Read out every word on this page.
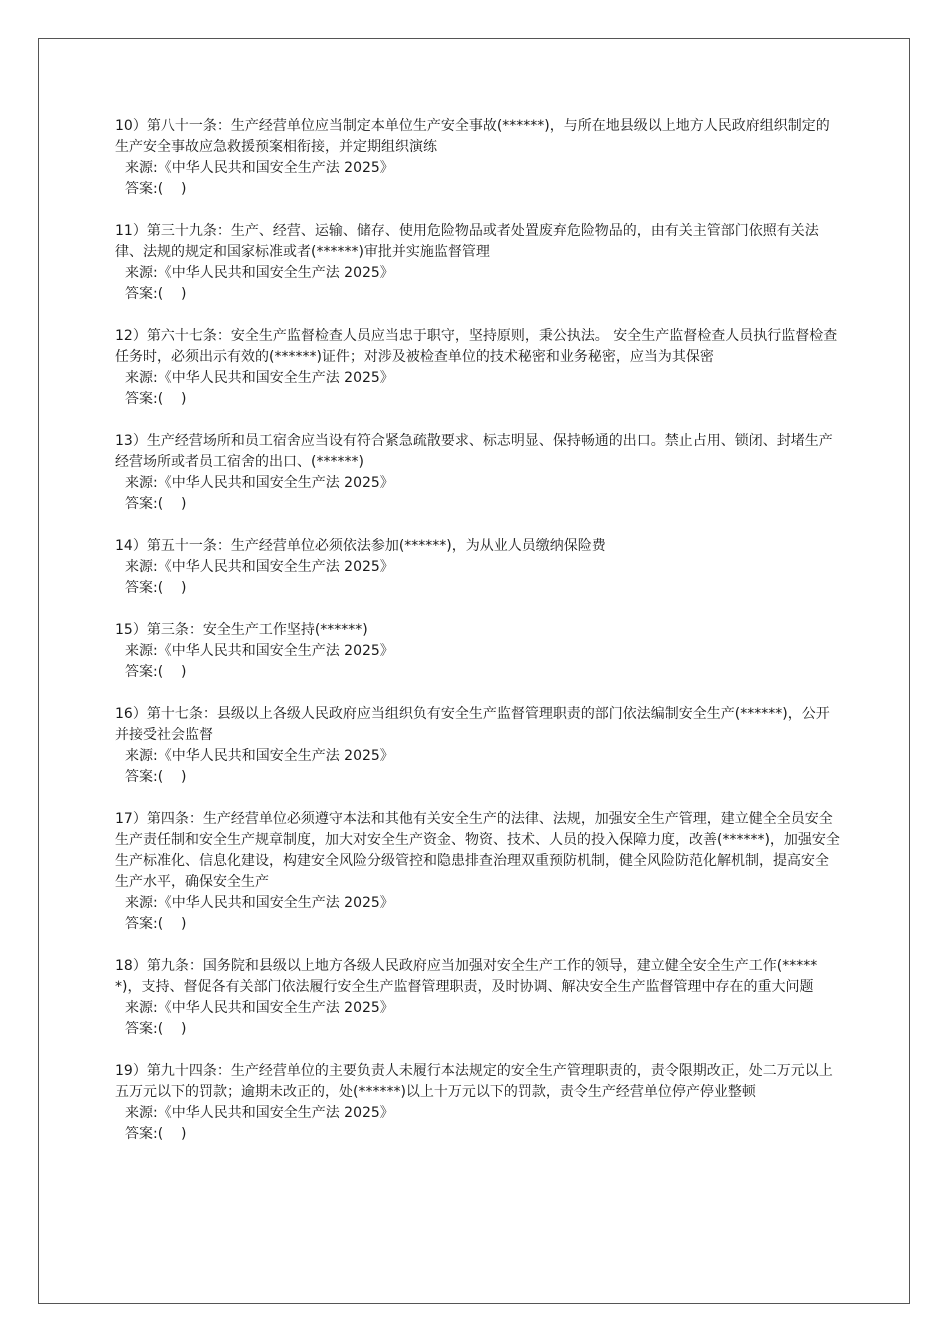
10）第八十一条：生产经营单位应当制定本单位生产安全事故(******)，与所在地县级以上地方人民政府组织制定的生产安全事故应急救援预案相衔接，并定期组织演练

来源:《中华人民共和国安全生产法 2025》

答案:(    )

11）第三十九条：生产、经营、运输、储存、使用危险物品或者处置废弃危险物品的，由有关主管部门依照有关法律、法规的规定和国家标准或者(******)审批并实施监督管理

来源:《中华人民共和国安全生产法 2025》

答案:(    )

12）第六十七条：安全生产监督检查人员应当忠于职守，坚持原则，秉公执法。 安全生产监督检查人员执行监督检查任务时，必须出示有效的(******)证件；对涉及被检查单位的技术秘密和业务秘密，应当为其保密

来源:《中华人民共和国安全生产法 2025》

答案:(    )

13）生产经营场所和员工宿舍应当设有符合紧急疏散要求、标志明显、保持畅通的出口。禁止占用、锁闭、封堵生产经营场所或者员工宿舍的出口、(******)

来源:《中华人民共和国安全生产法 2025》

答案:(    )

14）第五十一条：生产经营单位必须依法参加(******)，为从业人员缴纳保险费

来源:《中华人民共和国安全生产法 2025》

答案:(    )

15）第三条：安全生产工作坚持(******)

来源:《中华人民共和国安全生产法 2025》

答案:(    )

16）第十七条：县级以上各级人民政府应当组织负有安全生产监督管理职责的部门依法编制安全生产(******)，公开并接受社会监督

来源:《中华人民共和国安全生产法 2025》

答案:(    )

17）第四条：生产经营单位必须遵守本法和其他有关安全生产的法律、法规，加强安全生产管理，建立健全全员安全生产责任制和安全生产规章制度，加大对安全生产资金、物资、技术、人员的投入保障力度，改善(******)，加强安全生产标准化、信息化建设，构建安全风险分级管控和隐患排查治理双重预防机制，健全风险防范化解机制，提高安全生产水平，确保安全生产

来源:《中华人民共和国安全生产法 2025》

答案:(    )

18）第九条：国务院和县级以上地方各级人民政府应当加强对安全生产工作的领导，建立健全安全生产工作(******)，支持、督促各有关部门依法履行安全生产监督管理职责，及时协调、解决安全生产监督管理中存在的重大问题

来源:《中华人民共和国安全生产法 2025》

答案:(    )

19）第九十四条：生产经营单位的主要负责人未履行本法规定的安全生产管理职责的，责令限期改正，处二万元以上五万元以下的罚款；逾期未改正的，处(******)以上十万元以下的罚款，责令生产经营单位停产停业整顿

来源:《中华人民共和国安全生产法 2025》

答案:(    )
